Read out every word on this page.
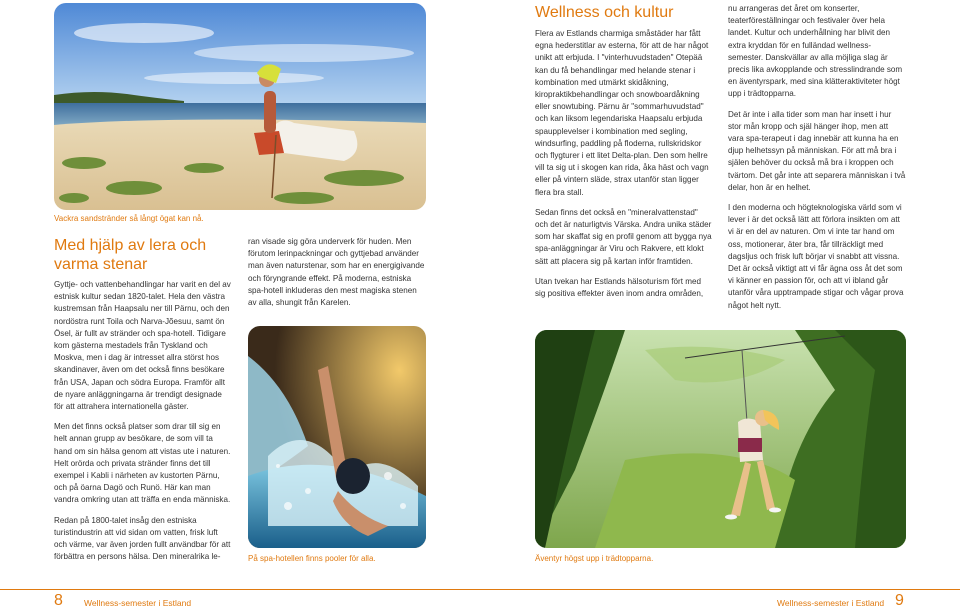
Vackra sandstränder så långt ögat kan nå.
Med hjälp av lera och varma stenar

Gyttje- och vattenbehandlingar har varit en del av estnisk kultur sedan 1820-talet. Hela den västra kustremsan från Haapsalu ner till Pärnu, och den nordöstra runt Toila och Narva-Jõesuu, samt ön Ösel, är fullt av stränder och spa-hotell. Tidigare kom gästerna mestadels från Tyskland och Moskva, men i dag är intresset allra störst hos skandinaver, även om det också finns besökare från USA, Japan och södra Europa. Framför allt de nyare anläggningarna är trendigt designade för att attrahera internationella gäster.

Men det finns också platser som drar till sig en helt annan grupp av besökare, de som vill ta hand om sin hälsa genom att vistas ute i naturen. Helt orörda och privata stränder finns det till exempel i Kabli i närheten av kustorten Pärnu, och på öarna Dagö och Runö. Här kan man vandra omkring utan att träffa en enda människa.

Redan på 1800-talet insåg den estniska turistindustrin att vid sidan om vatten, frisk luft och värme, var även jorden fullt användbar för att förbättra en persons hälsa. Den mineralrika le-

ran visade sig göra underverk för huden. Men förutom lerinpackningar och gyttjebad använder man även naturstenar, som har en energigivande och föryngrande effekt. På moderna, estniska spa-hotell inkluderas den mest magiska stenen av alla, shungit från Karelen.

På spa-hotellen finns pooler för alla.
8 Wellness-semester i Estland
Wellness och kultur

Flera av Estlands charmiga småstäder har fått egna hederstitlar av esterna, för att de har något unikt att erbjuda. I "vinterhuvudstaden" Otepää kan du få behandlingar med helande stenar i kombination med utmärkt skidåkning, kiropraktikbehandlingar och snowboardåkning eller snowtubing. Pärnu är "sommarhuvudstad" och kan liksom legendariska Haapsalu erbjuda spaupplevelser i kombination med segling, windsurfing, paddling på floderna, rullskridskor och flygturer i ett litet Delta-plan. Den som hellre vill ta sig ut i skogen kan rida, åka häst och vagn eller på vintern släde, strax utanför stan ligger flera bra stall.

Sedan finns det också en "mineralvattenstad" och det är naturligtvis Värska. Andra unika städer som har skaffat sig en profil genom att bygga nya spa-anläggningar är Viru och Rakvere, ett klokt sätt att placera sig på kartan inför framtiden.

Utan tvekan har Estlands hälsoturism fört med sig positiva effekter även inom andra områden,

nu arrangeras det året om konserter, teaterföreställningar och festivaler över hela landet. Kultur och underhållning har blivit den extra kryddan för en fulländad wellness-semester. Danskvällar av alla möjliga slag är precis lika avkopplande och stresslindrande som en äventyrspark, med sina klätteraktiviteter högt upp i trädtopparna.

Det är inte i alla tider som man har insett i hur stor mån kropp och själ hänger ihop, men att vara spa-terapeut i dag innebär att kunna ha en djup helhetssyn på människan. För att må bra i själen behöver du också må bra i kroppen och tvärtom. Det går inte att separera människan i två delar, hon är en helhet.

I den moderna och högteknologiska värld som vi lever i är det också lätt att förlora insikten om att vi är en del av naturen. Om vi inte tar hand om oss, motionerar, äter bra, får tillräckligt med dagsljus och frisk luft börjar vi snabbt att vissna. Det är också viktigt att vi får ägna oss åt det som vi känner en passion för, och att vi ibland går utanför våra upptrampade stigar och vågar prova något helt nytt.

Äventyr högst upp i trädtopparna.
Wellness-semester i Estland 9
